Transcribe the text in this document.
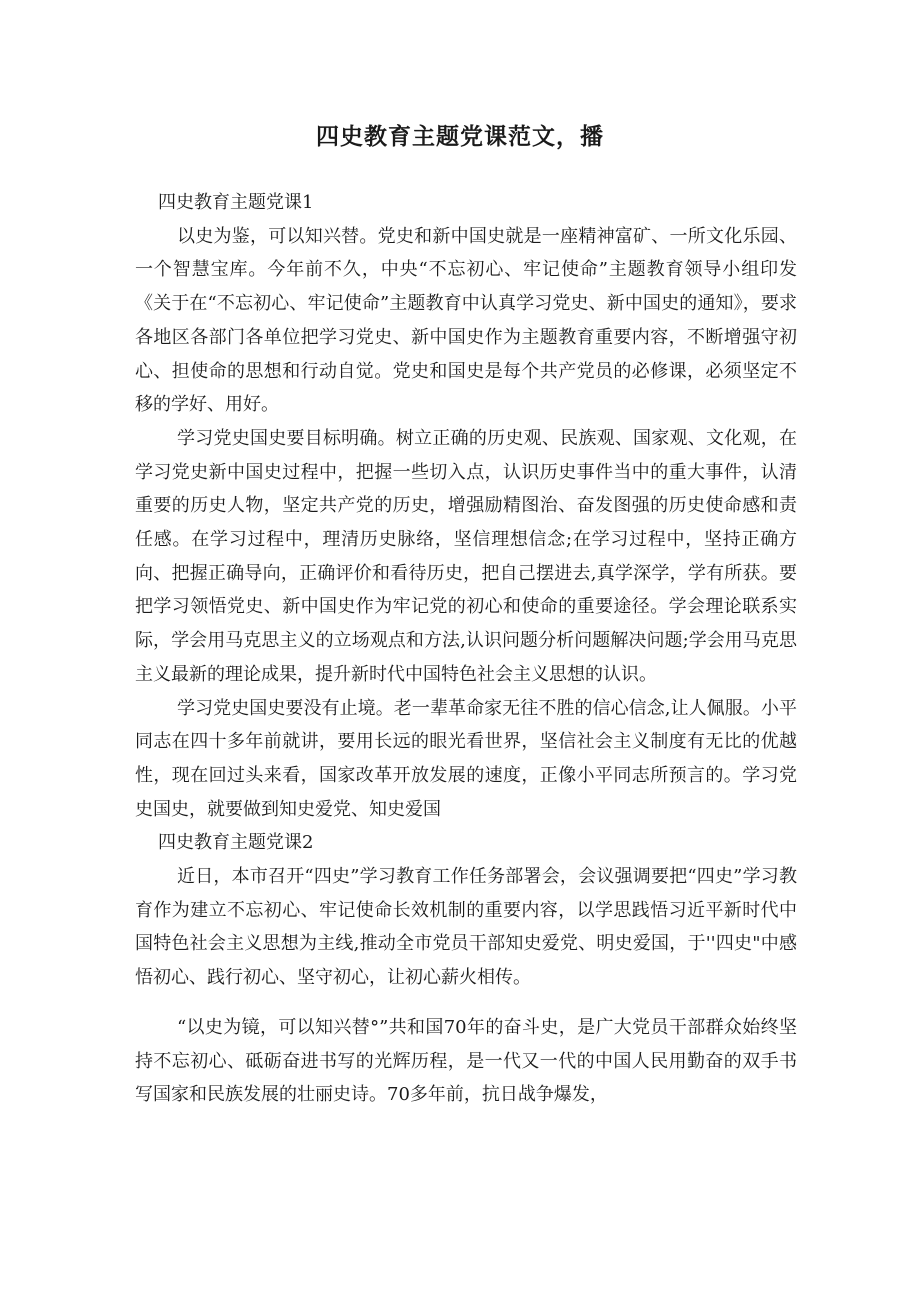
四史教育主题党课范文，播

四史教育主题党课1

以史为鉴，可以知兴替。党史和新中国史就是一座精神富矿、一所文化乐园、一个智慧宝库。今年前不久，中央“不忘初心、牢记使命”主题教育领导小组印发《关于在“不忘初心、牢记使命”主题教育中认真学习党史、新中国史的通知》，要求各地区各部门各单位把学习党史、新中国史作为主题教育重要内容，不断增强守初心、担使命的思想和行动自觉。党史和国史是每个共产党员的必修课，必须坚定不移的学好、用好。

学习党史国史要目标明确。树立正确的历史观、民族观、国家观、文化观，在学习党史新中国史过程中，把握一些切入点，认识历史事件当中的重大事件，认清重要的历史人物，坚定共产党的历史，增强励精图治、奋发图强的历史使命感和责任感。在学习过程中，理清历史脉络，坚信理想信念;在学习过程中，坚持正确方向、把握正确导向，正确评价和看待历史，把自己摆进去,真学深学，学有所获。要把学习领悟党史、新中国史作为牢记党的初心和使命的重要途径。学会理论联系实际，学会用马克思主义的立场观点和方法,认识问题分析问题解决问题;学会用马克思主义最新的理论成果，提升新时代中国特色社会主义思想的认识。

学习党史国史要没有止境。老一辈革命家无往不胜的信心信念,让人佩服。小平同志在四十多年前就讲，要用长远的眼光看世界，坚信社会主义制度有无比的优越性，现在回过头来看，国家改革开放发展的速度，正像小平同志所预言的。学习党史国史，就要做到知史爱党、知史爱国

四史教育主题党课2

近日，本市召开“四史”学习教育工作任务部署会，会议强调要把“四史”学习教育作为建立不忘初心、牢记使命长效机制的重要内容，以学思践悟习近平新时代中国特色社会主义思想为主线,推动全市党员干部知史爱党、明史爱国，于''四史"中感悟初心、践行初心、坚守初心，让初心薪火相传。

“以史为镜，可以知兴替°”共和国70年的奋斗史，是广大党员干部群众始终坚持不忘初心、砥砺奋进书写的光辉历程，是一代又一代的中国人民用勤奋的双手书写国家和民族发展的壮丽史诗。70多年前，抗日战争爆发，
